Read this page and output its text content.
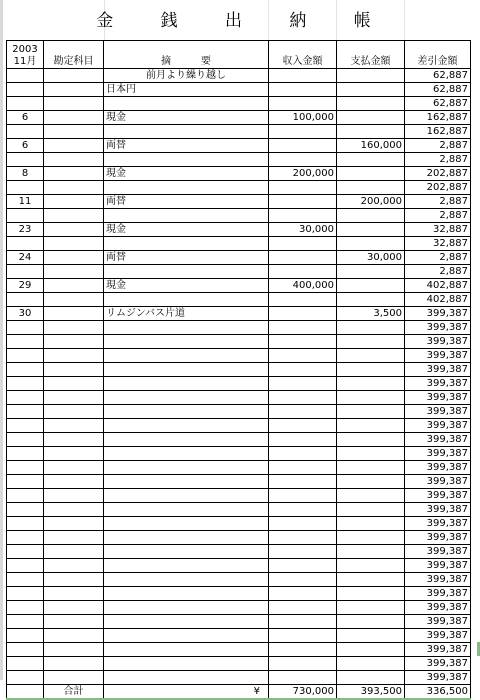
金 銭 出 納 帳
2003
11月	勘定科目	摘　　　要	収入金額	支払金額	差引金額
		前月より繰り越し			62,887
		日本円			62,887
					62,887
6		現金	100,000		162,887
					162,887
6		両替		160,000	2,887
					2,887
8		現金	200,000		202,887
					202,887
11		両替		200,000	2,887
					2,887
23		現金	30,000		32,887
					32,887
24		両替		30,000	2,887
					2,887
29		現金	400,000		402,887
					402,887
30		リムジンバス片道		3,500	399,387
					399,387
					399,387
					399,387
					399,387
					399,387
					399,387
					399,387
					399,387
					399,387
					399,387
					399,387
					399,387
					399,387
					399,387
					399,387
					399,387
					399,387
					399,387
					399,387
					399,387
					399,387
					399,387
					399,387
					399,387
					399,387
					399,387
	合計	¥	730,000	393,500	336,500
